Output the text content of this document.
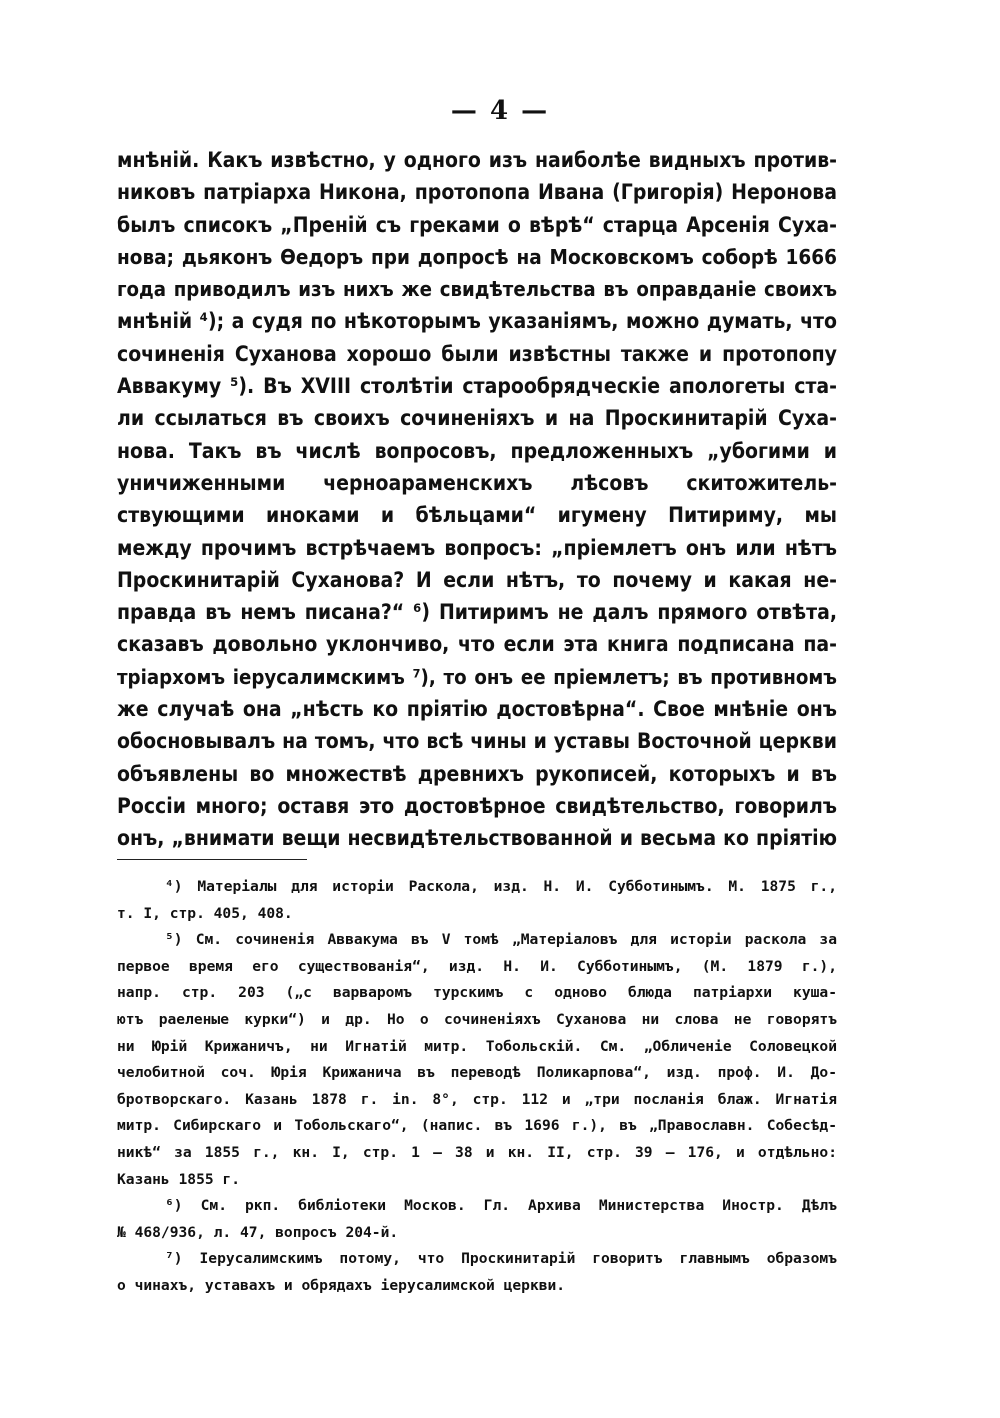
— 4 —
мнѣній. Какъ извѣстно, у одного изъ наиболѣе видныхъ против-
никовъ патріарха Никона, протопопа Ивана (Григорія) Неронова
былъ списокъ „Преній съ греками о вѣрѣ“ старца Арсенія Суха-
нова; дьяконъ Ѳедоръ при допросѣ на Московскомъ соборѣ 1666
года приводилъ изъ нихъ же свидѣтельства въ оправданіе своихъ
мнѣній ⁴); а судя по нѣкоторымъ указаніямъ, можно думать, что
сочиненія Суханова хорошо были извѣстны также и протопопу
Аввакуму ⁵). Въ XVIII столѣтіи старообрядческіе апологеты ста-
ли ссылаться въ своихъ сочиненіяхъ и на Проскинитарій Суха-
нова. Такъ въ числѣ вопросовъ, предложенныхъ „убогими и
уничиженными черноараменскихъ лѣсовъ скитожитель-
ствующими иноками и бѣльцами“ игумену Питириму, мы
между прочимъ встрѣчаемъ вопросъ: „пріемлетъ онъ или нѣтъ
Проскинитарій Суханова? И если нѣтъ, то почему и какая не-
правда въ немъ писана?“ ⁶) Питиримъ не далъ прямого отвѣта,
сказавъ довольно уклончиво, что если эта книга подписана па-
тріархомъ іерусалимскимъ ⁷), то онъ ее пріемлетъ; въ противномъ
же случаѣ она „нѣсть ко пріятію достовѣрна“. Свое мнѣніе онъ
обосновывалъ на томъ, что всѣ чины и уставы Восточной церкви
объявлены во множествѣ древнихъ рукописей, которыхъ и въ
Россіи много; оставя это достовѣрное свидѣтельство, говорилъ
онъ, „внимати вещи несвидѣтельствованной и весьма ко пріятію
⁴) Матеріалы для исторіи Раскола, изд. Н. И. Субботинымъ. М. 1875 г.,
т. I, стр. 405, 408.
⁵) См. сочиненія Аввакума въ V томѣ „Матеріаловъ для исторіи раскола за
первое время его существованія“, изд. Н. И. Субботинымъ, (М. 1879 г.),
напр. стр. 203 („с варваромъ турскимъ с одново блюда патріархи куша-
ютъ раеленые курки“) и др. Но о сочиненіяхъ Суханова ни слова не говорятъ
ни Юрій Крижаничъ, ни Игнатій митр. Тобольскій. См. „Обличеніе Соловецкой
челобитной соч. Юрія Крижанича въ переводѣ Поликарпова“, изд. проф. И. До-
бротворскаго. Казань 1878 г. in. 8°, стр. 112 и „три посланія блаж. Игнатія
митр. Сибирскаго и Тобольскаго“, (напис. въ 1696 г.), въ „Православн. Собесѣд-
никѣ“ за 1855 г., кн. I, стр. 1 — 38 и кн. II, стр. 39 — 176, и отдѣльно:
Казань 1855 г.
⁶) См. ркп. библіотеки Москов. Гл. Архива Министерства Иностр. Дѣлъ
№ 468/936, л. 47, вопросъ 204-й.
⁷) Іерусалимскимъ потому, что Проскинитарій говоритъ главнымъ образомъ
о чинахъ, уставахъ и обрядахъ іерусалимской церкви.
